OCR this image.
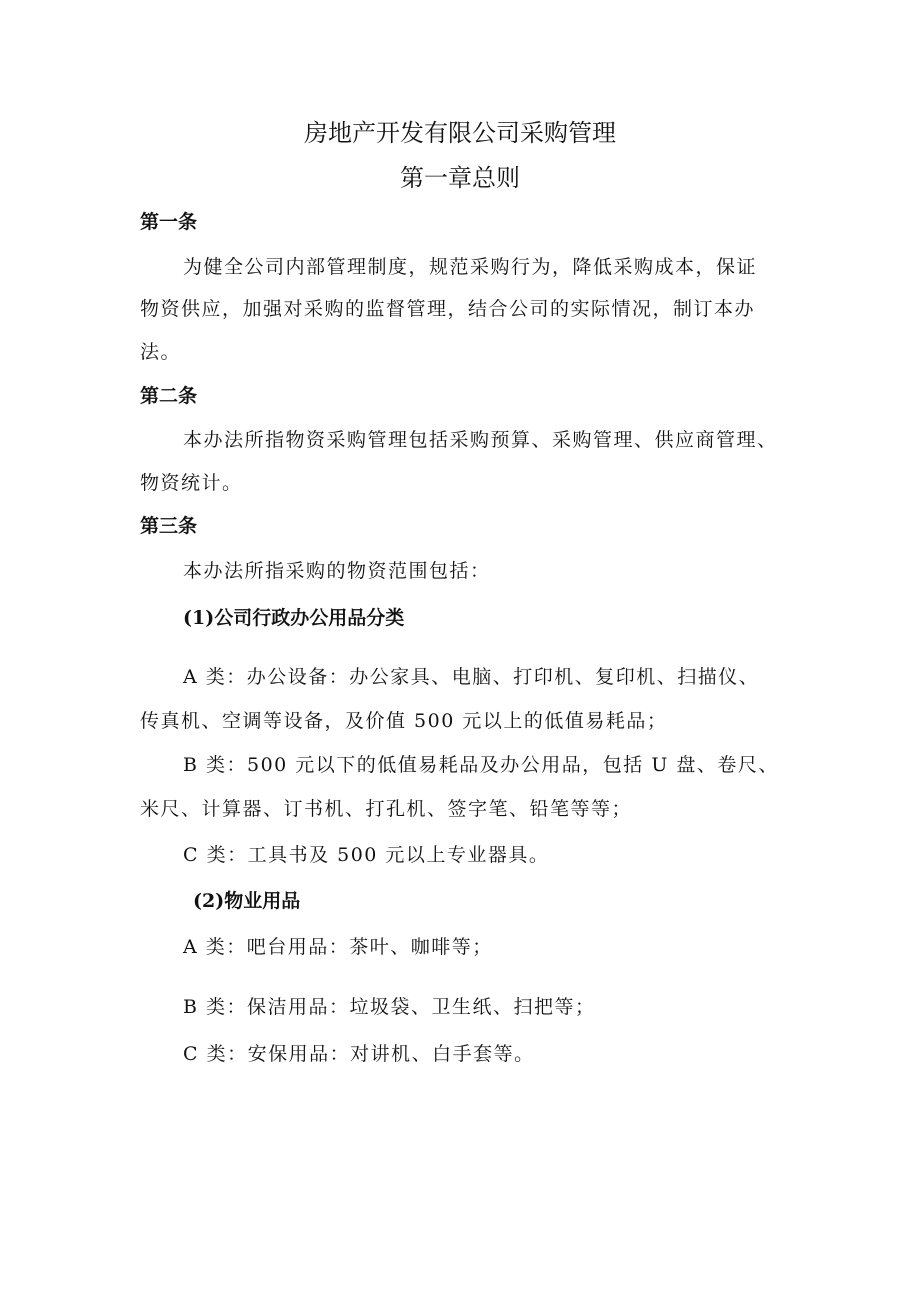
房地产开发有限公司采购管理
第一章总则
第一条
为健全公司内部管理制度，规范采购行为，降低采购成本，保证
物资供应，加强对采购的监督管理，结合公司的实际情况，制订本办
法。
第二条
本办法所指物资采购管理包括采购预算、采购管理、供应商管理、
物资统计。
第三条
本办法所指采购的物资范围包括：
(1)公司行政办公用品分类
A 类：办公设备：办公家具、电脑、打印机、复印机、扫描仪、
传真机、空调等设备，及价值 500 元以上的低值易耗品；
B 类：500 元以下的低值易耗品及办公用品，包括 U 盘、卷尺、
米尺、计算器、订书机、打孔机、签字笔、铅笔等等；
C 类：工具书及 500 元以上专业器具。
(2)物业用品
A 类：吧台用品：茶叶、咖啡等；
B 类：保洁用品：垃圾袋、卫生纸、扫把等；
C 类：安保用品：对讲机、白手套等。
